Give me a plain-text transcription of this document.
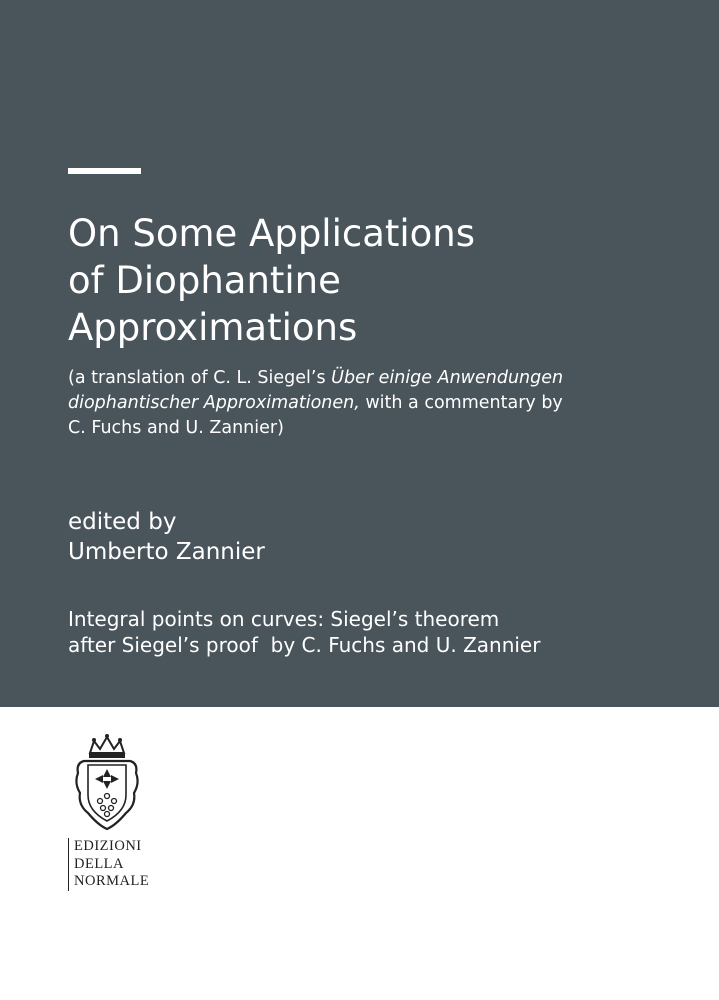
On Some Applications
of Diophantine
Approximations
(a translation of C. L. Siegel’s Über einige Anwendungen
diophantischer Approximationen, with a commentary by
C. Fuchs and U. Zannier)
edited by
Umberto Zannier
Integral points on curves: Siegel’s theorem
after Siegel’s proof  by C. Fuchs and U. Zannier
EDIZIONI
DELLA
NORMALE
